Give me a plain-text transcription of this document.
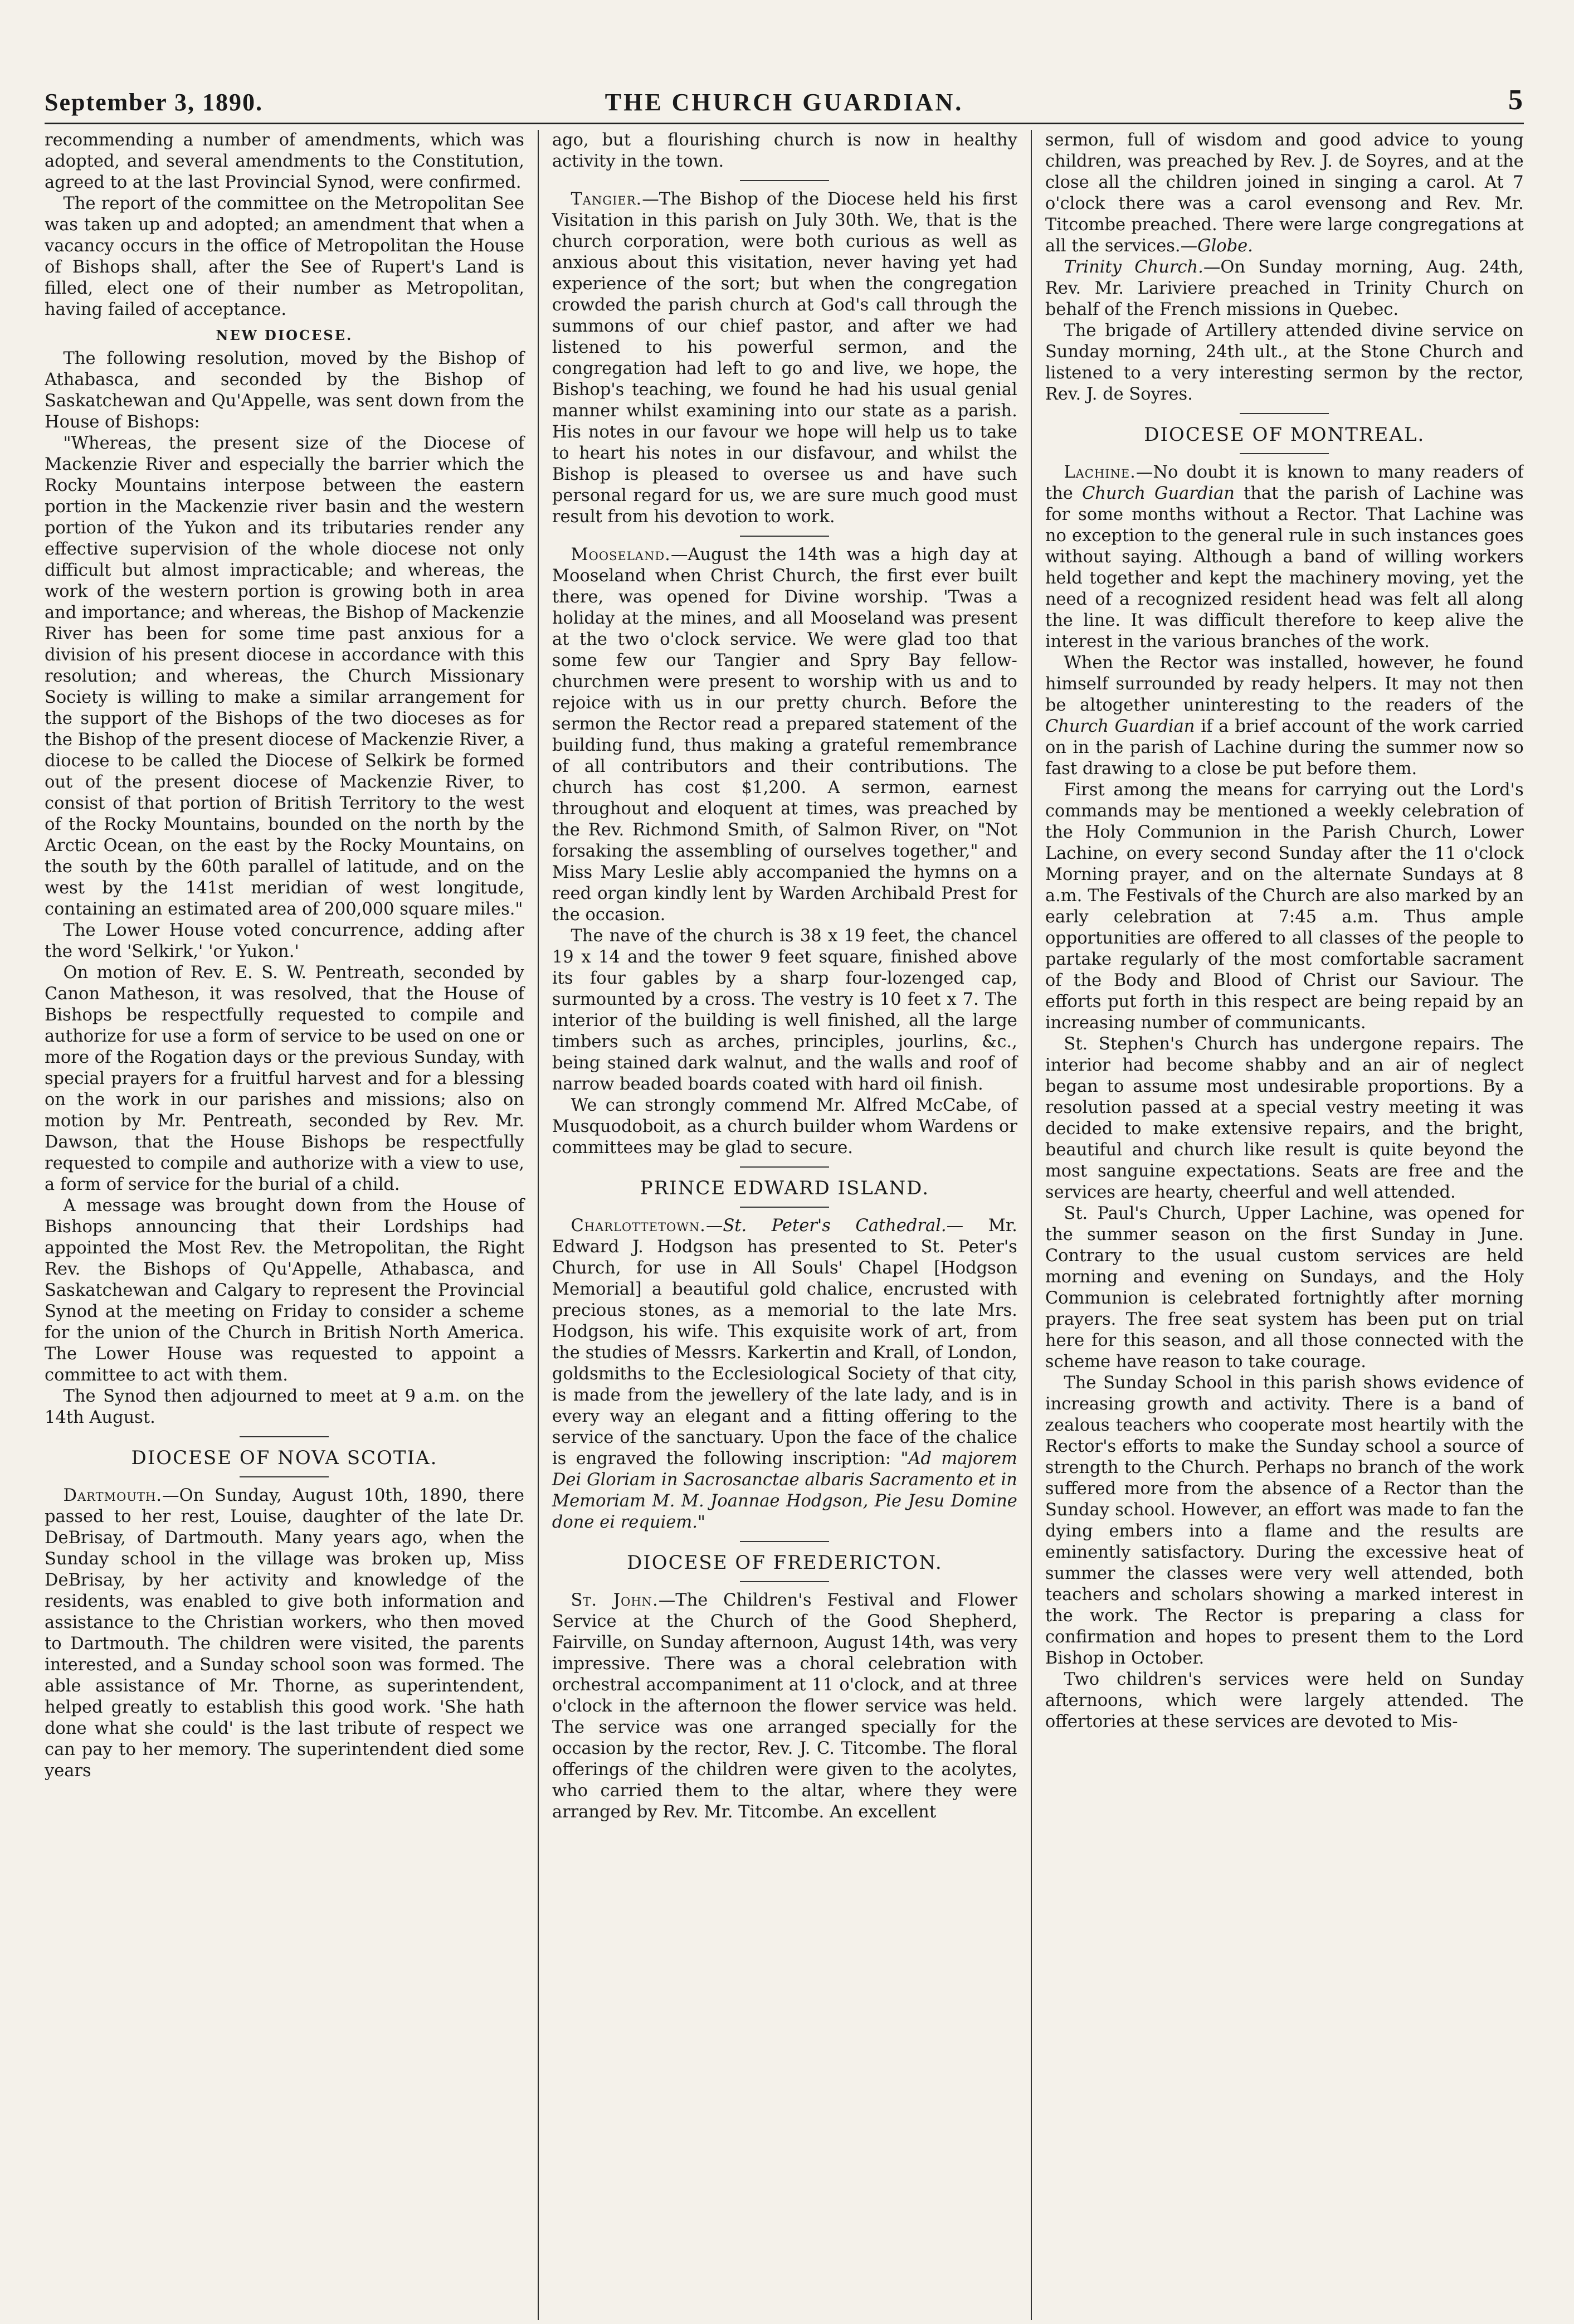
September 3, 1890.	THE CHURCH GUARDIAN.	5

recommending a number of amendments, which was adopted, and several amendments to the Constitution, agreed to at the last Provincial Synod, were confirmed.

The report of the committee on the Metropolitan See was taken up and adopted; an amendment that when a vacancy occurs in the office of Metropolitan the House of Bishops shall, after the See of Rupert's Land is filled, elect one of their number as Metropolitan, having failed of acceptance.

NEW DIOCESE.

The following resolution, moved by the Bishop of Athabasca, and seconded by the Bishop of Saskatchewan and Qu'Appelle, was sent down from the House of Bishops:

"Whereas, the present size of the Diocese of Mackenzie River and especially the barrier which the Rocky Mountains interpose between the eastern portion in the Mackenzie river basin and the western portion of the Yukon and its tributaries render any effective supervision of the whole diocese not only difficult but almost impracticable; and whereas, the work of the western portion is growing both in area and importance; and whereas, the Bishop of Mackenzie River has been for some time past anxious for a division of his present diocese in accordance with this resolution; and whereas, the Church Missionary Society is willing to make a similar arrangement for the support of the Bishops of the two dioceses as for the Bishop of the present diocese of Mackenzie River, a diocese to be called the Diocese of Selkirk be formed out of the present diocese of Mackenzie River, to consist of that portion of British Territory to the west of the Rocky Mountains, bounded on the north by the Arctic Ocean, on the east by the Rocky Mountains, on the south by the 60th parallel of latitude, and on the west by the 141st meridian of west longitude, containing an estimated area of 200,000 square miles."

The Lower House voted concurrence, adding after the word 'Selkirk,' 'or Yukon.'

On motion of Rev. E. S. W. Pentreath, seconded by Canon Matheson, it was resolved, that the House of Bishops be respectfully requested to compile and authorize for use a form of service to be used on one or more of the Rogation days or the previous Sunday, with special prayers for a fruitful harvest and for a blessing on the work in our parishes and missions; also on motion by Mr. Pentreath, seconded by Rev. Mr. Dawson, that the House Bishops be respectfully requested to compile and authorize with a view to use, a form of service for the burial of a child.

A message was brought down from the House of Bishops announcing that their Lordships had appointed the Most Rev. the Metropolitan, the Right Rev. the Bishops of Qu'Appelle, Athabasca, and Saskatchewan and Calgary to represent the Provincial Synod at the meeting on Friday to consider a scheme for the union of the Church in British North America. The Lower House was requested to appoint a committee to act with them.

The Synod then adjourned to meet at 9 a.m. on the 14th August.

DIOCESE OF NOVA SCOTIA.

Dartmouth.—On Sunday, August 10th, 1890, there passed to her rest, Louise, daughter of the late Dr. DeBrisay, of Dartmouth. Many years ago, when the Sunday school in the village was broken up, Miss DeBrisay, by her activity and knowledge of the residents, was enabled to give both information and assistance to the Christian workers, who then moved to Dartmouth. The children were visited, the parents interested, and a Sunday school soon was formed. The able assistance of Mr. Thorne, as superintendent, helped greatly to establish this good work. 'She hath done what she could' is the last tribute of respect we can pay to her memory. The superintendent died some years

ago, but a flourishing church is now in healthy activity in the town.

Tangier.—The Bishop of the Diocese held his first Visitation in this parish on July 30th. We, that is the church corporation, were both curious as well as anxious about this visitation, never having yet had experience of the sort; but when the congregation crowded the parish church at God's call through the summons of our chief pastor, and after we had listened to his powerful sermon, and the congregation had left to go and live, we hope, the Bishop's teaching, we found he had his usual genial manner whilst examining into our state as a parish. His notes in our favour we hope will help us to take to heart his notes in our disfavour, and whilst the Bishop is pleased to oversee us and have such personal regard for us, we are sure much good must result from his devotion to work.

Mooseland.—August the 14th was a high day at Mooseland when Christ Church, the first ever built there, was opened for Divine worship. 'Twas a holiday at the mines, and all Mooseland was present at the two o'clock service. We were glad too that some few our Tangier and Spry Bay fellow-churchmen were present to worship with us and to rejoice with us in our pretty church. Before the sermon the Rector read a prepared statement of the building fund, thus making a grateful remembrance of all contributors and their contributions. The church has cost $1,200. A sermon, earnest throughout and eloquent at times, was preached by the Rev. Richmond Smith, of Salmon River, on "Not forsaking the assembling of ourselves together," and Miss Mary Leslie ably accompanied the hymns on a reed organ kindly lent by Warden Archibald Prest for the occasion.

The nave of the church is 38 x 19 feet, the chancel 19 x 14 and the tower 9 feet square, finished above its four gables by a sharp four-lozenged cap, surmounted by a cross. The vestry is 10 feet x 7. The interior of the building is well finished, all the large timbers such as arches, principles, jourlins, &c., being stained dark walnut, and the walls and roof of narrow beaded boards coated with hard oil finish.

We can strongly commend Mr. Alfred McCabe, of Musquodoboit, as a church builder whom Wardens or committees may be glad to secure.

PRINCE EDWARD ISLAND.

Charlottetown.—St. Peter's Cathedral.— Mr. Edward J. Hodgson has presented to St. Peter's Church, for use in All Souls' Chapel [Hodgson Memorial] a beautiful gold chalice, encrusted with precious stones, as a memorial to the late Mrs. Hodgson, his wife. This exquisite work of art, from the studies of Messrs. Karkertin and Krall, of London, goldsmiths to the Ecclesiological Society of that city, is made from the jewellery of the late lady, and is in every way an elegant and a fitting offering to the service of the sanctuary. Upon the face of the chalice is engraved the following inscription: "Ad majorem Dei Gloriam in Sacrosanctae albaris Sacramento et in Memoriam M. M. Joannae Hodgson, Pie Jesu Domine done ei requiem."

DIOCESE OF FREDERICTON.

St. John.—The Children's Festival and Flower Service at the Church of the Good Shepherd, Fairville, on Sunday afternoon, August 14th, was very impressive. There was a choral celebration with orchestral accompaniment at 11 o'clock, and at three o'clock in the afternoon the flower service was held. The service was one arranged specially for the occasion by the rector, Rev. J. C. Titcombe. The floral offerings of the children were given to the acolytes, who carried them to the altar, where they were arranged by Rev. Mr. Titcombe. An excellent

sermon, full of wisdom and good advice to young children, was preached by Rev. J. de Soyres, and at the close all the children joined in singing a carol. At 7 o'clock there was a carol evensong and Rev. Mr. Titcombe preached. There were large congregations at all the services.—Globe.

Trinity Church.—On Sunday morning, Aug. 24th, Rev. Mr. Lariviere preached in Trinity Church on behalf of the French missions in Quebec.

The brigade of Artillery attended divine service on Sunday morning, 24th ult., at the Stone Church and listened to a very interesting sermon by the rector, Rev. J. de Soyres.

DIOCESE OF MONTREAL.

Lachine.—No doubt it is known to many readers of the Church Guardian that the parish of Lachine was for some months without a Rector. That Lachine was no exception to the general rule in such instances goes without saying. Although a band of willing workers held together and kept the machinery moving, yet the need of a recognized resident head was felt all along the line. It was difficult therefore to keep alive the interest in the various branches of the work.

When the Rector was installed, however, he found himself surrounded by ready helpers. It may not then be altogether uninteresting to the readers of the Church Guardian if a brief account of the work carried on in the parish of Lachine during the summer now so fast drawing to a close be put before them.

First among the means for carrying out the Lord's commands may be mentioned a weekly celebration of the Holy Communion in the Parish Church, Lower Lachine, on every second Sunday after the 11 o'clock Morning prayer, and on the alternate Sundays at 8 a.m. The Festivals of the Church are also marked by an early celebration at 7:45 a.m. Thus ample opportunities are offered to all classes of the people to partake regularly of the most comfortable sacrament of the Body and Blood of Christ our Saviour. The efforts put forth in this respect are being repaid by an increasing number of communicants.

St. Stephen's Church has undergone repairs. The interior had become shabby and an air of neglect began to assume most undesirable proportions. By a resolution passed at a special vestry meeting it was decided to make extensive repairs, and the bright, beautiful and church like result is quite beyond the most sanguine expectations. Seats are free and the services are hearty, cheerful and well attended.

St. Paul's Church, Upper Lachine, was opened for the summer season on the first Sunday in June. Contrary to the usual custom services are held morning and evening on Sundays, and the Holy Communion is celebrated fortnightly after morning prayers. The free seat system has been put on trial here for this season, and all those connected with the scheme have reason to take courage.

The Sunday School in this parish shows evidence of increasing growth and activity. There is a band of zealous teachers who cooperate most heartily with the Rector's efforts to make the Sunday school a source of strength to the Church. Perhaps no branch of the work suffered more from the absence of a Rector than the Sunday school. However, an effort was made to fan the dying embers into a flame and the results are eminently satisfactory. During the excessive heat of summer the classes were very well attended, both teachers and scholars showing a marked interest in the work. The Rector is preparing a class for confirmation and hopes to present them to the Lord Bishop in October.

Two children's services were held on Sunday afternoons, which were largely attended. The offertories at these services are devoted to Mis-
